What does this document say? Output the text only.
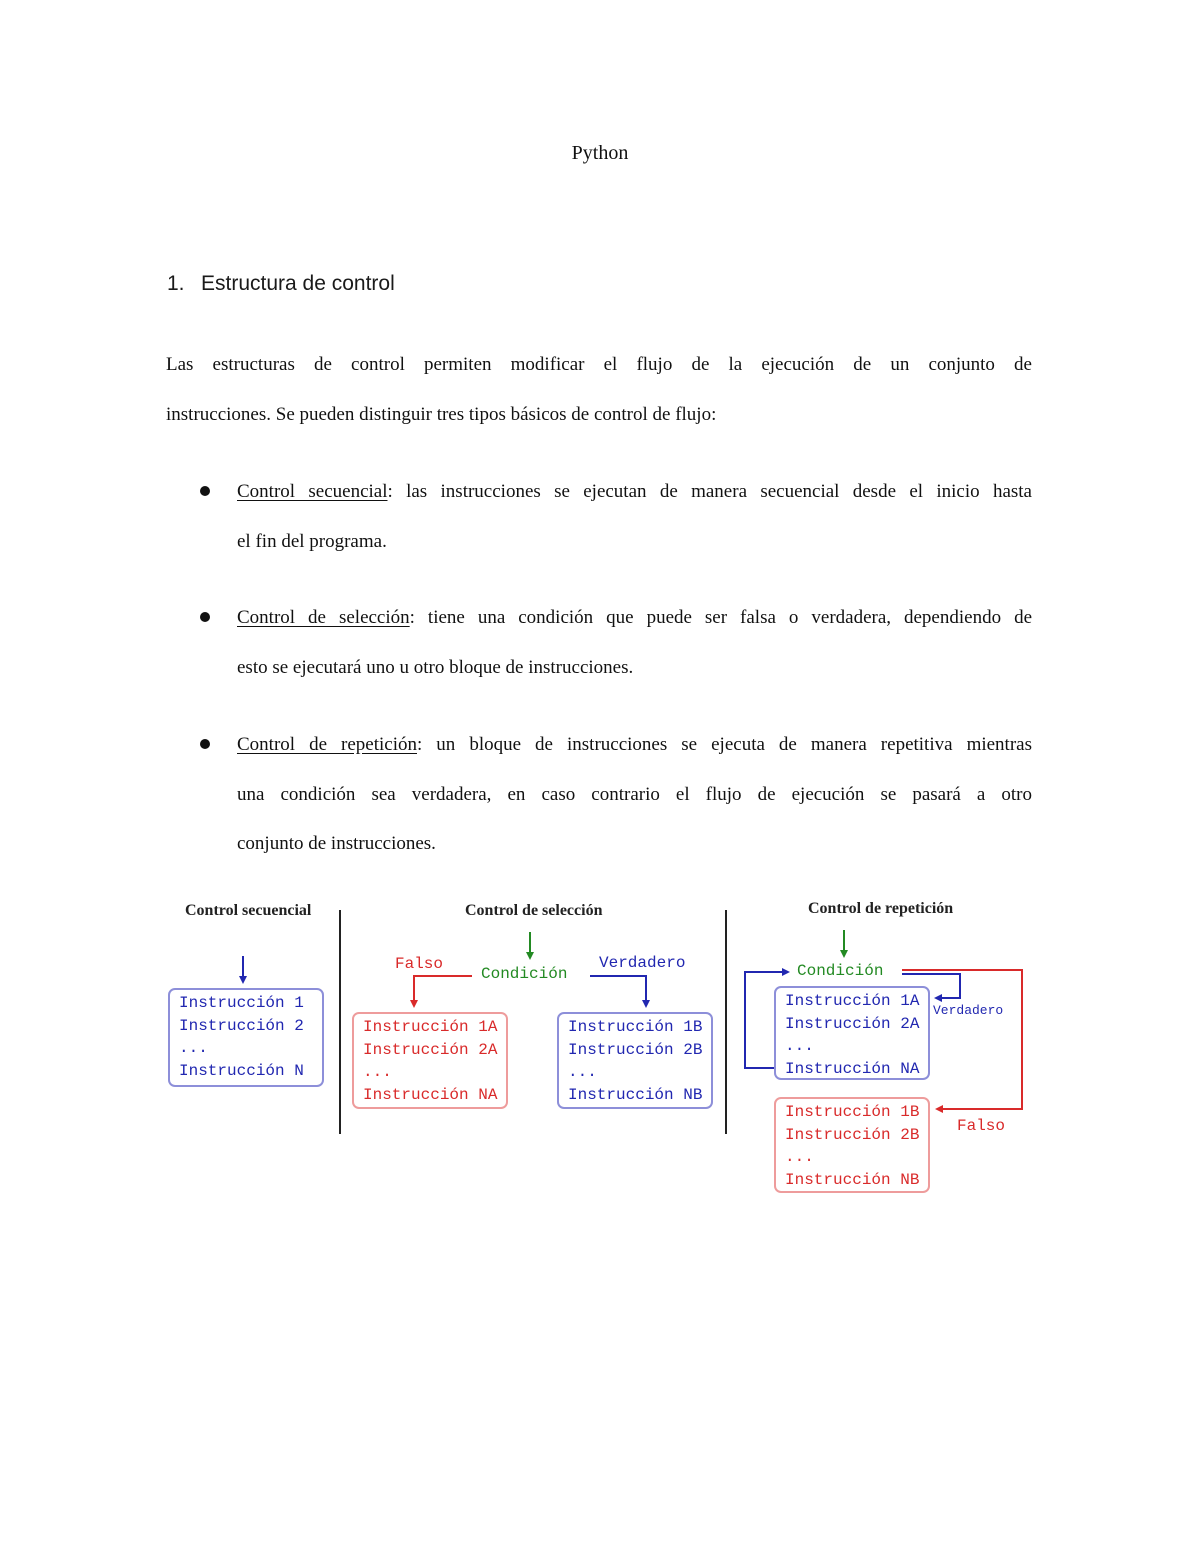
Python
1. Estructura de control
Las estructuras de control permiten modificar el flujo de la ejecución de un conjunto de
instrucciones. Se pueden distinguir tres tipos básicos de control de flujo:
Control secuencial: las instrucciones se ejecutan de manera secuencial desde el inicio hasta
el fin del programa.
Control de selección: tiene una condición que puede ser falsa o verdadera, dependiendo de
esto se ejecutará uno u otro bloque de instrucciones.
Control de repetición: un bloque de instrucciones se ejecuta de manera repetitiva mientras
una condición sea verdadera, en caso contrario el flujo de ejecución se pasará a otro
conjunto de instrucciones.
Control secuencial
Instrucción 1
Instrucción 2
...
Instrucción N
Control de selección
Falso
Condición
Verdadero
Instrucción 1A
Instrucción 2A
...
Instrucción NA
Instrucción 1B
Instrucción 2B
...
Instrucción NB
Control de repetición
Condición
Instrucción 1A
Instrucción 2A
...
Instrucción NA
Verdadero
Instrucción 1B
Instrucción 2B
...
Instrucción NB
Falso
